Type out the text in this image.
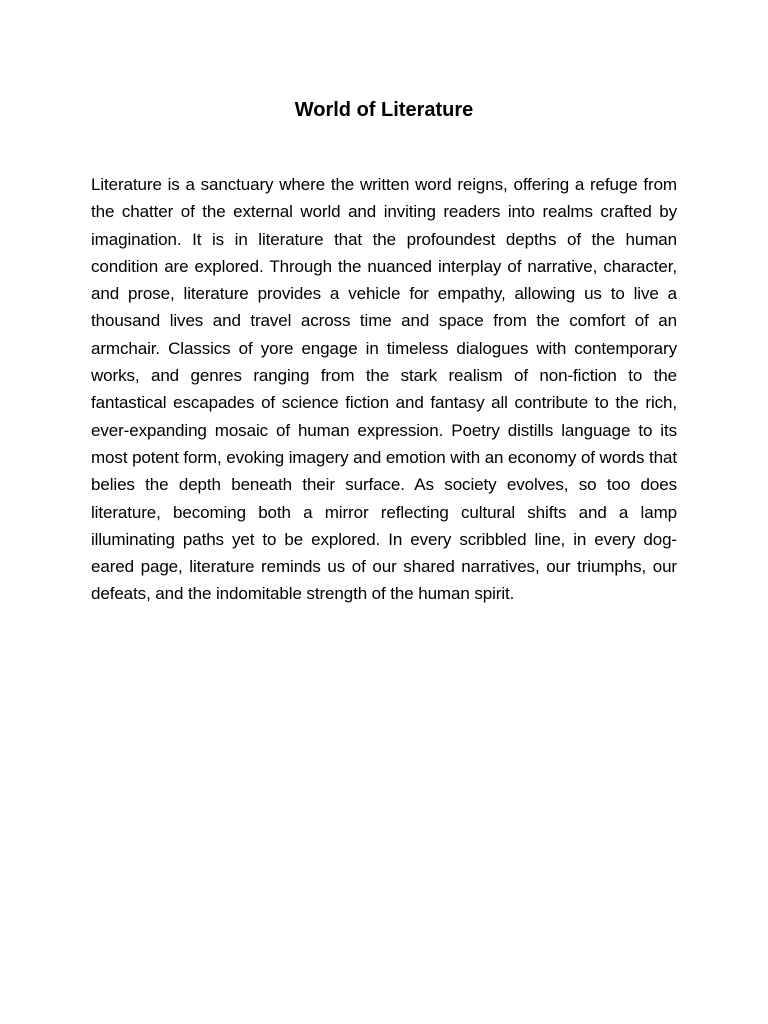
World of Literature

Literature is a sanctuary where the written word reigns, offering a refuge from the chatter of the external world and inviting readers into realms crafted by imagination. It is in literature that the profoundest depths of the human condition are explored. Through the nuanced interplay of narrative, character, and prose, literature provides a vehicle for empathy, allowing us to live a thousand lives and travel across time and space from the comfort of an armchair. Classics of yore engage in timeless dialogues with contemporary works, and genres ranging from the stark realism of non-fiction to the fantastical escapades of science fiction and fantasy all contribute to the rich, ever-expanding mosaic of human expression. Poetry distills language to its most potent form, evoking imagery and emotion with an economy of words that belies the depth beneath their surface. As society evolves, so too does literature, becoming both a mirror reflecting cultural shifts and a lamp illuminating paths yet to be explored. In every scribbled line, in every dog-eared page, literature reminds us of our shared narratives, our triumphs, our defeats, and the indomitable strength of the human spirit.
